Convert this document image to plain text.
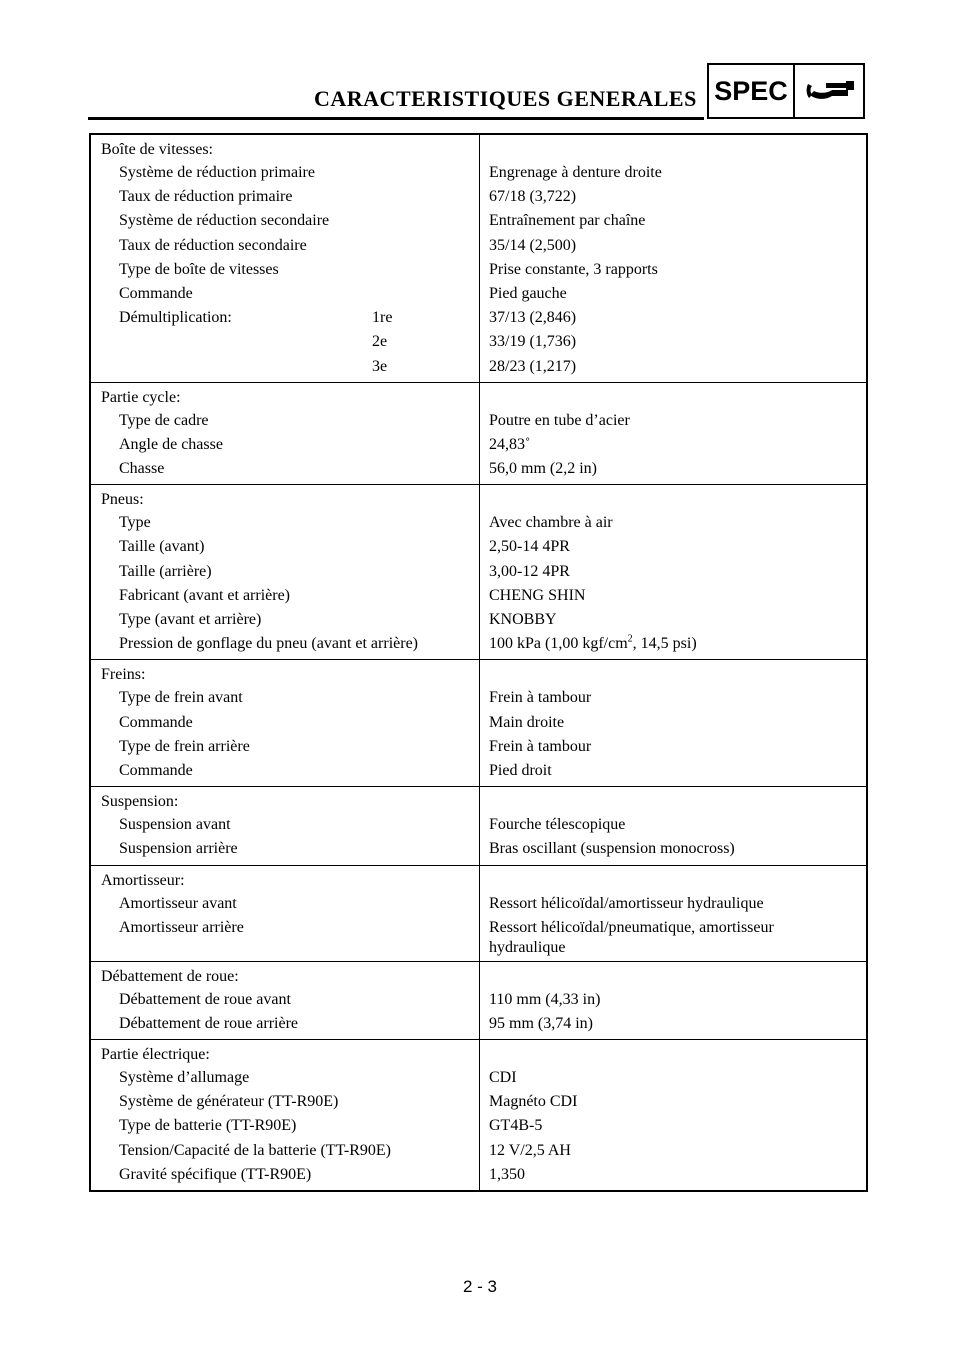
CARACTERISTIQUES GENERALES SPEC
Boîte de vitesses:
Système de réduction primaire	Engrenage à denture droite
Taux de réduction primaire	67/18 (3,722)
Système de réduction secondaire	Entraînement par chaîne
Taux de réduction secondaire	35/14 (2,500)
Type de boîte de vitesses	Prise constante, 3 rapports
Commande	Pied gauche
Démultiplication:	1re	37/13 (2,846)
2e	33/19 (1,736)
3e	28/23 (1,217)
Partie cycle:
Type de cadre	Poutre en tube d’acier
Angle de chasse	24,83˚
Chasse	56,0 mm (2,2 in)
Pneus:
Type	Avec chambre à air
Taille (avant)	2,50-14 4PR
Taille (arrière)	3,00-12 4PR
Fabricant (avant et arrière)	CHENG SHIN
Type (avant et arrière)	KNOBBY
Pression de gonflage du pneu (avant et arrière)	100 kPa (1,00 kgf/$cm^2$, 14,5 psi)
Freins:
Type de frein avant	Frein à tambour
Commande	Main droite
Type de frein arrière	Frein à tambour
Commande	Pied droit
Suspension:
Suspension avant	Fourche télescopique
Suspension arrière	Bras oscillant (suspension monocross)
Amortisseur:
Amortisseur avant	Ressort hélicoïdal/amortisseur hydraulique
Amortisseur arrière	Ressort hélicoïdal/pneumatique, amortisseur hydraulique
Débattement de roue:
Débattement de roue avant	110 mm (4,33 in)
Débattement de roue arrière	95 mm (3,74 in)
Partie électrique:
Système d’allumage	CDI
Système de générateur (TT-R90E)	Magnéto CDI
Type de batterie (TT-R90E)	GT4B-5
Tension/Capacité de la batterie (TT-R90E)	12 V/2,5 AH
Gravité spécifique (TT-R90E)	1,350
2 - 3
